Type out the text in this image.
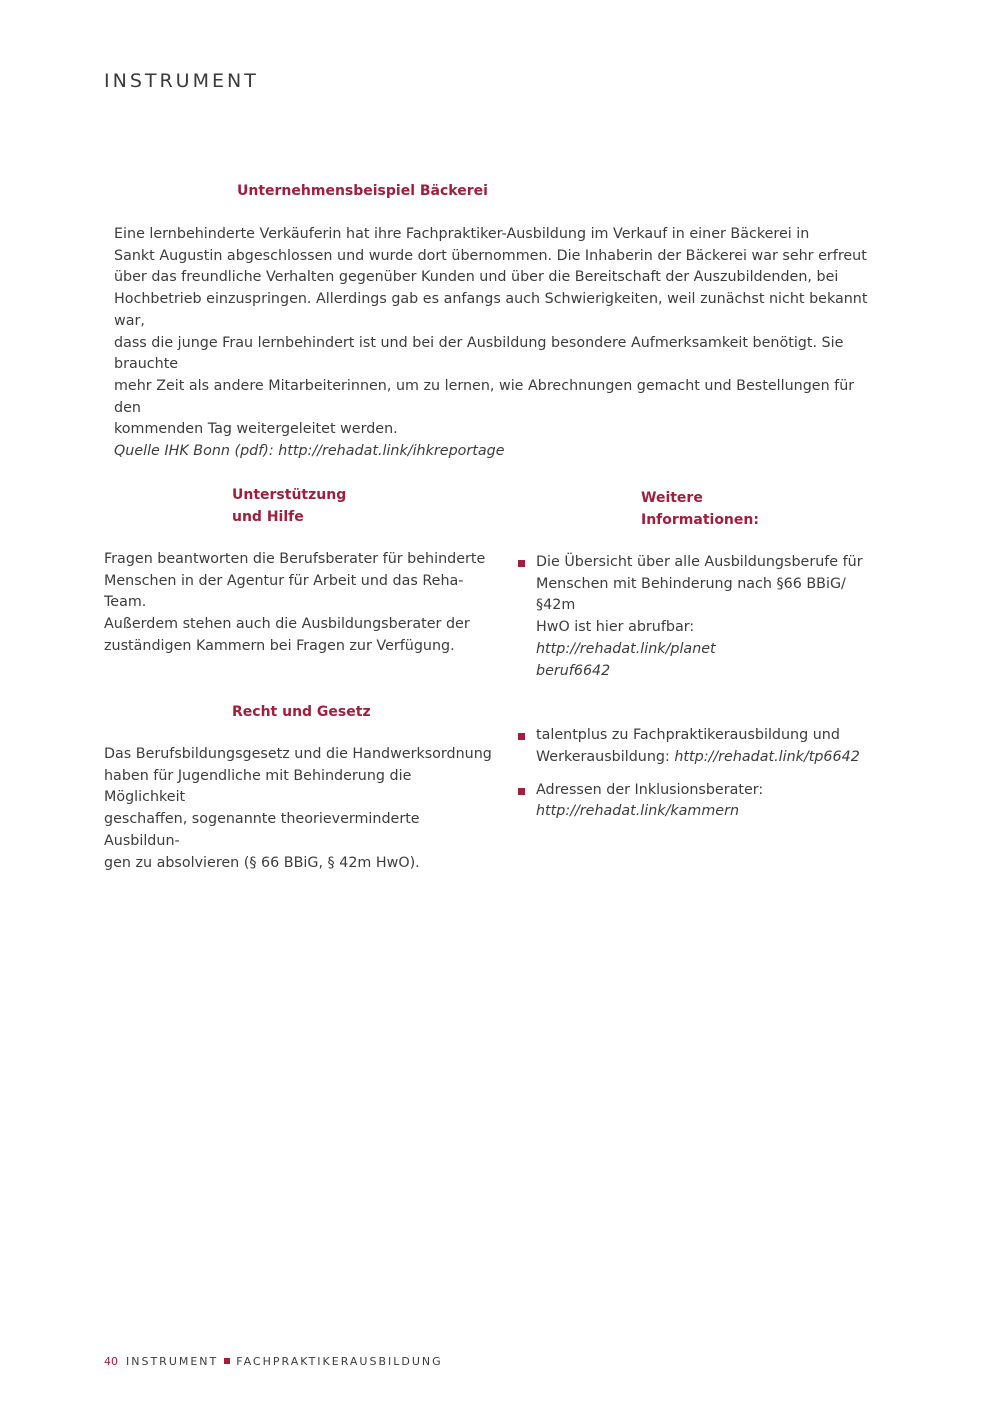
INSTRUMENT
Unternehmensbeispiel Bäckerei
Eine lernbehinderte Verkäuferin hat ihre Fachpraktiker-Ausbildung im Verkauf in einer Bäckerei in
Sankt Augustin abgeschlossen und wurde dort übernommen. Die Inhaberin der Bäckerei war sehr erfreut
über das freundliche Verhalten gegenüber Kunden und über die Bereitschaft der Auszubildenden, bei
Hochbetrieb einzuspringen. Allerdings gab es anfangs auch Schwierigkeiten, weil zunächst nicht bekannt war,
dass die junge Frau lernbehindert ist und bei der Ausbildung besondere Aufmerksamkeit benötigt. Sie brauchte
mehr Zeit als andere Mitarbeiterinnen, um zu lernen, wie Abrechnungen gemacht und Bestellungen für den
kommenden Tag weitergeleitet werden.
Quelle IHK Bonn (pdf): http://rehadat.link/ihkreportage
Unterstützung
und Hilfe
Fragen beantworten die Berufsberater für behinderte
Menschen in der Agentur für Arbeit und das Reha-Team.
Außerdem stehen auch die Ausbildungsberater der
zuständigen Kammern bei Fragen zur Verfügung.
Recht und Gesetz
Das Berufsbildungsgesetz und die Handwerksordnung
haben für Jugendliche mit Behinderung die Möglichkeit
geschaffen, sogenannte theorieverminderte Ausbildun-
gen zu absolvieren (§ 66 BBiG, § 42m HwO).
Weitere
Informationen:
Die Übersicht über alle Ausbildungsberufe für
Menschen mit Behinderung nach §66 BBiG/§42m
HwO ist hier abrufbar: http://rehadat.link/planet
beruf6642
talentplus zu Fachpraktikerausbildung und
Werkerausbildung: http://rehadat.link/tp6642
Adressen der Inklusionsberater:
http://rehadat.link/kammern
40 INSTRUMENT FACHPRAKTIKERAUSBILDUNG
